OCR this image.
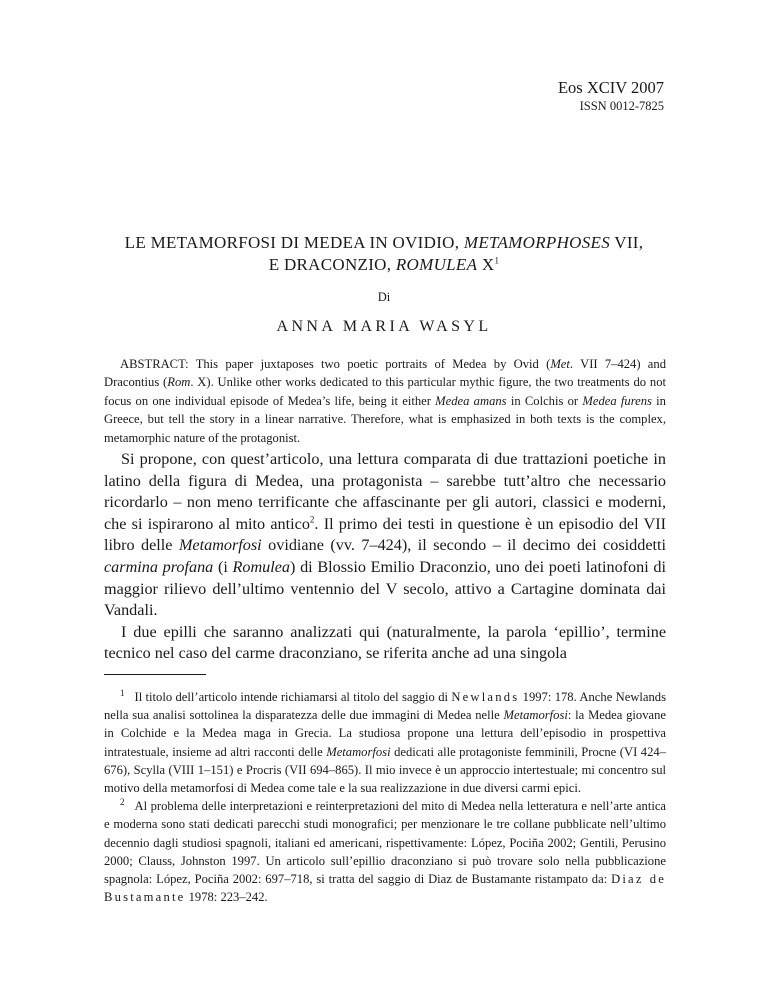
Eos XCIV 2007

ISSN 0012-7825

LE METAMORFOSI DI MEDEA IN OVIDIO, METAMORPHOSES VII,
E DRACONZIO, ROMULEA $X^1$

Di

ANNA MARIA WASYL

ABSTRACT: This paper juxtaposes two poetic portraits of Medea by Ovid (Met. VII 7–424) and Dracontius (Rom. X). Unlike other works dedicated to this particular mythic figure, the two treatments do not focus on one individual episode of Medea’s life, being it either Medea amans in Colchis or Medea furens in Greece, but tell the story in a linear narrative. Therefore, what is emphasized in both texts is the complex, metamorphic nature of the protagonist.

Si propone, con quest’articolo, una lettura comparata di due trattazioni poetiche in latino della figura di Medea, una protagonista – sarebbe tutt’altro che necessario ricordarlo – non meno terrificante che affascinante per gli autori, classici e moderni, che si ispirarono al mito antico$^2$. Il primo dei testi in questione è un episodio del VII libro delle Metamorfosi ovidiane (vv. 7–424), il secondo – il decimo dei cosiddetti carmina profana (i Romulea) di Blossio Emilio Draconzio, uno dei poeti latinofoni di maggior rilievo dell’ultimo ventennio del V secolo, attivo a Cartagine dominata dai Vandali.

I due epilli che saranno analizzati qui (naturalmente, la parola ‘epillio’, termine tecnico nel caso del carme draconziano, se riferita anche ad una singola

$^1$ Il titolo dell’articolo intende richiamarsi al titolo del saggio di Newlands 1997: 178. Anche Newlands nella sua analisi sottolinea la disparatezza delle due immagini di Medea nelle Metamorfosi: la Medea giovane in Colchide e la Medea maga in Grecia. La studiosa propone una lettura dell’episodio in prospettiva intratestuale, insieme ad altri racconti delle Metamorfosi dedicati alle protagoniste femminili, Procne (VI 424–676), Scylla (VIII 1–151) e Procris (VII 694–865). Il mio invece è un approccio intertestuale; mi concentro sul motivo della metamorfosi di Medea come tale e la sua realizzazione in due diversi carmi epici.

$^2$ Al problema delle interpretazioni e reinterpretazioni del mito di Medea nella letteratura e nell’arte antica e moderna sono stati dedicati parecchi studi monografici; per menzionare le tre collane pubblicate nell’ultimo decennio dagli studiosi spagnoli, italiani ed americani, rispettivamente: López, Pociña 2002; Gentili, Perusino 2000; Clauss, Johnston 1997. Un articolo sull’epillio draconziano si può trovare solo nella pubblicazione spagnola: López, Pociña 2002: 697–718, si tratta del saggio di Diaz de Bustamante ristampato da: Diaz de Bustamante 1978: 223–242.
